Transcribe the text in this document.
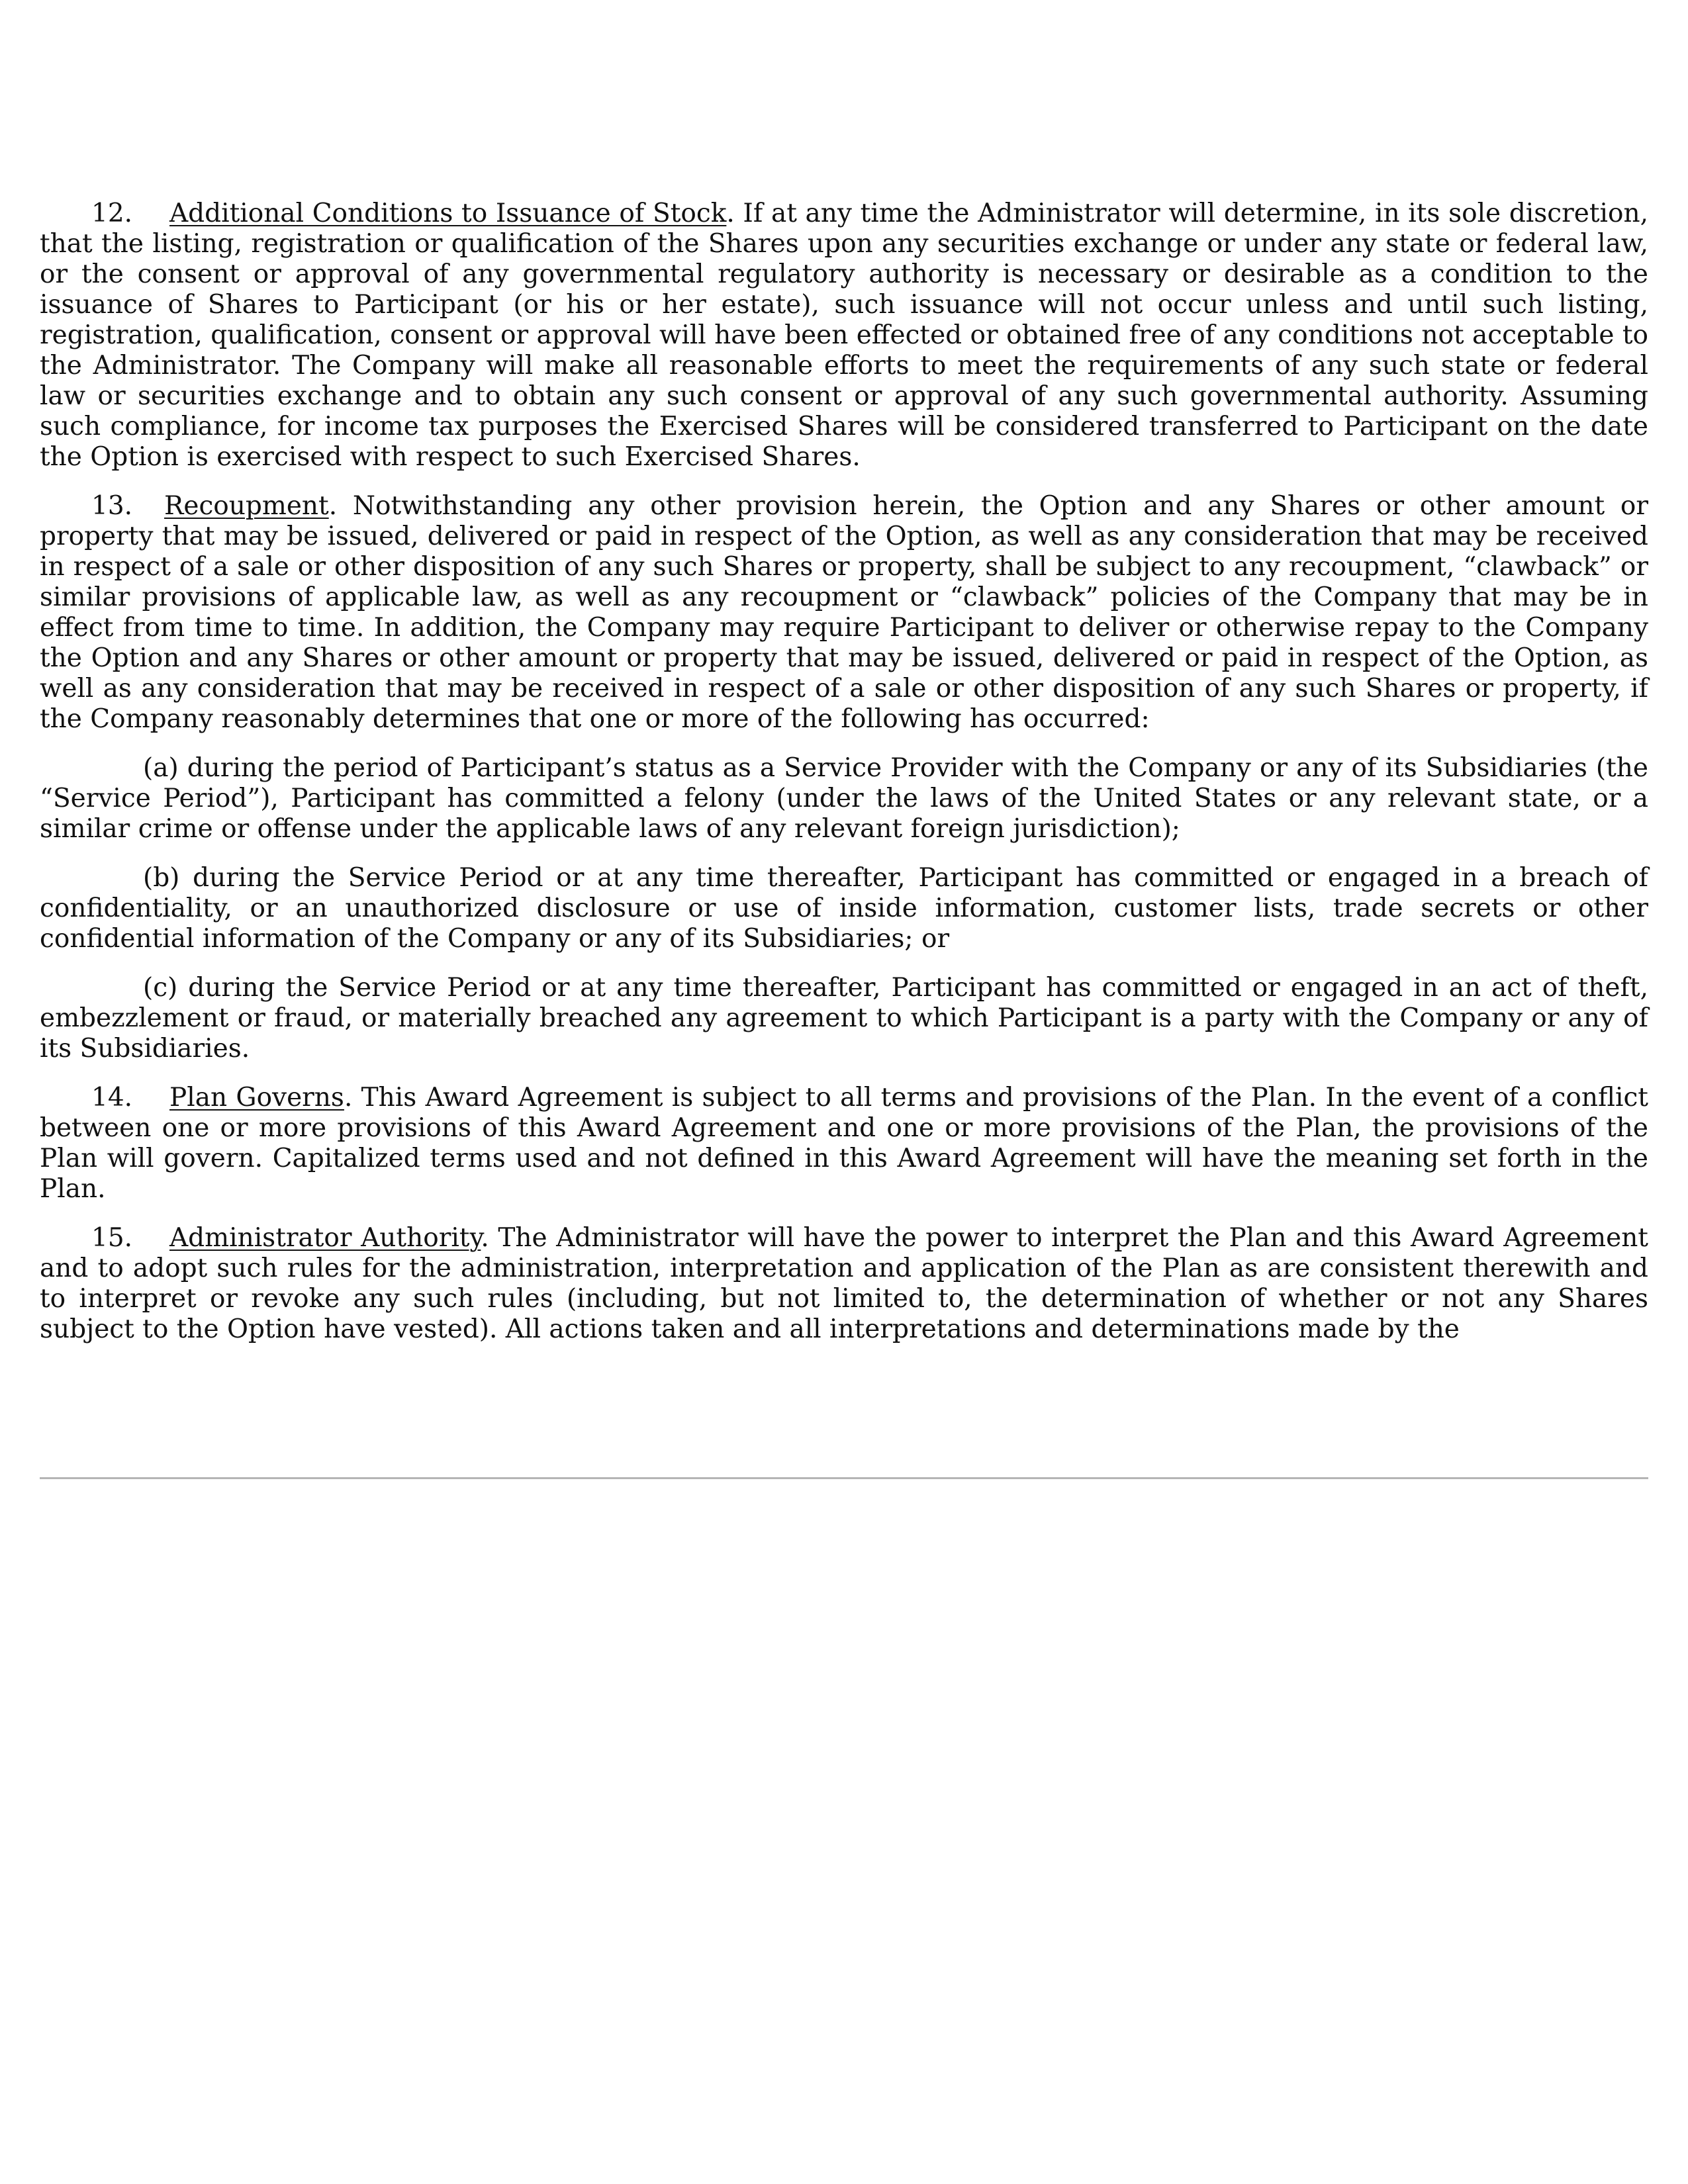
12. Additional Conditions to Issuance of Stock. If at any time the Administrator will determine, in its sole discretion, that the listing, registration or qualification of the Shares upon any securities exchange or under any state or federal law, or the consent or approval of any governmental regulatory authority is necessary or desirable as a condition to the issuance of Shares to Participant (or his or her estate), such issuance will not occur unless and until such listing, registration, qualification, consent or approval will have been effected or obtained free of any conditions not acceptable to the Administrator. The Company will make all reasonable efforts to meet the requirements of any such state or federal law or securities exchange and to obtain any such consent or approval of any such governmental authority. Assuming such compliance, for income tax purposes the Exercised Shares will be considered transferred to Participant on the date the Option is exercised with respect to such Exercised Shares.

13. Recoupment. Notwithstanding any other provision herein, the Option and any Shares or other amount or property that may be issued, delivered or paid in respect of the Option, as well as any consideration that may be received in respect of a sale or other disposition of any such Shares or property, shall be subject to any recoupment, “clawback” or similar provisions of applicable law, as well as any recoupment or “clawback” policies of the Company that may be in effect from time to time. In addition, the Company may require Participant to deliver or otherwise repay to the Company the Option and any Shares or other amount or property that may be issued, delivered or paid in respect of the Option, as well as any consideration that may be received in respect of a sale or other disposition of any such Shares or property, if the Company reasonably determines that one or more of the following has occurred:

(a) during the period of Participant’s status as a Service Provider with the Company or any of its Subsidiaries (the “Service Period”), Participant has committed a felony (under the laws of the United States or any relevant state, or a similar crime or offense under the applicable laws of any relevant foreign jurisdiction);

(b) during the Service Period or at any time thereafter, Participant has committed or engaged in a breach of confidentiality, or an unauthorized disclosure or use of inside information, customer lists, trade secrets or other confidential information of the Company or any of its Subsidiaries; or

(c) during the Service Period or at any time thereafter, Participant has committed or engaged in an act of theft, embezzlement or fraud, or materially breached any agreement to which Participant is a party with the Company or any of its Subsidiaries.

14. Plan Governs. This Award Agreement is subject to all terms and provisions of the Plan. In the event of a conflict between one or more provisions of this Award Agreement and one or more provisions of the Plan, the provisions of the Plan will govern. Capitalized terms used and not defined in this Award Agreement will have the meaning set forth in the Plan.

15. Administrator Authority. The Administrator will have the power to interpret the Plan and this Award Agreement and to adopt such rules for the administration, interpretation and application of the Plan as are consistent therewith and to interpret or revoke any such rules (including, but not limited to, the determination of whether or not any Shares subject to the Option have vested). All actions taken and all interpretations and determinations made by the
